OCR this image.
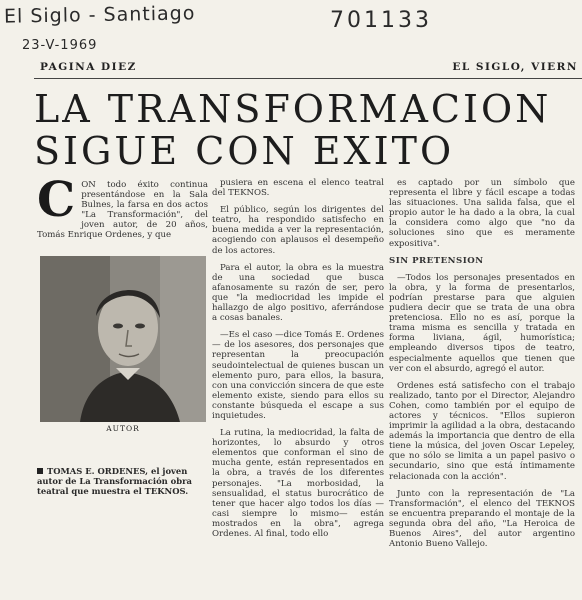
El Siglo - Santiago
23-V-1969
701133
PAGINA DIEZ	EL SIGLO, VIERN
LA TRANSFORMACION
SIGUE CON EXITO

CON todo éxito continua presentándose en la Sala Bulnes, la farsa en dos actos "La Transformación", del joven autor, de 20 años, Tomás Enrique Ordenes, y que

AUTOR
TOMAS E. ORDENES, el joven autor de La Transformación obra teatral que muestra el TEKNOS.

pusiera en escena el elenco teatral del TEKNOS.

El público, según los dirigentes del teatro, ha respondido satisfecho en buena medida a ver la representación, acogiendo con aplausos el desempeño de los actores.

Para el autor, la obra es la muestra de una sociedad que busca afanosamente su razón de ser, pero que "la mediocridad les impide el hallazgo de algo positivo, aferrándose a cosas banales.

—Es el caso —dice Tomás E. Ordenes— de los asesores, dos personajes que representan la preocupación seudointelectual de quienes buscan un elemento puro, para ellos, la basura, con una convicción sincera de que este elemento existe, siendo para ellos su constante búsqueda el escape a sus inquietudes.

La rutina, la mediocridad, la falta de horizontes, lo absurdo y otros elementos que conforman el sino de mucha gente, están representados en la obra, a través de los diferentes personajes. "La morbosidad, la sensualidad, el status burocrático de tener que hacer algo todos los días —casi siempre lo mismo— están mostrados en la obra", agrega Ordenes. Al final, todo ello

es captado por un símbolo que representa el libre y fácil escape a todas las situaciones. Una salida falsa, que el propio autor le ha dado a la obra, la cual la considera como algo que "no da soluciones sino que es meramente expositiva".

SIN PRETENSION

—Todos los personajes presentados en la obra, y la forma de presentarlos, podrían prestarse para que alguien pudiera decir que se trata de una obra pretenciosa. Ello no es así, porque la trama misma es sencilla y tratada en forma liviana, ágil, humorística; empleando diversos tipos de teatro, especialmente aquellos que tienen que ver con el absurdo, agregó el autor.

Ordenes está satisfecho con el trabajo realizado, tanto por el Director, Alejandro Cohen, como también por el equipo de actores y técnicos. "Ellos supieron imprimir la agilidad a la obra, destacando además la importancia que dentro de ella tiene la música, del joven Oscar Lepeley, que no sólo se limita a un papel pasivo o secundario, sino que está íntimamente relacionada con la acción".

Junto con la representación de "La Transformación", el elenco del TEKNOS se encuentra preparando el montaje de la segunda obra del año, "La Heroica de Buenos Aires", del autor argentino Antonio Bueno Vallejo.
